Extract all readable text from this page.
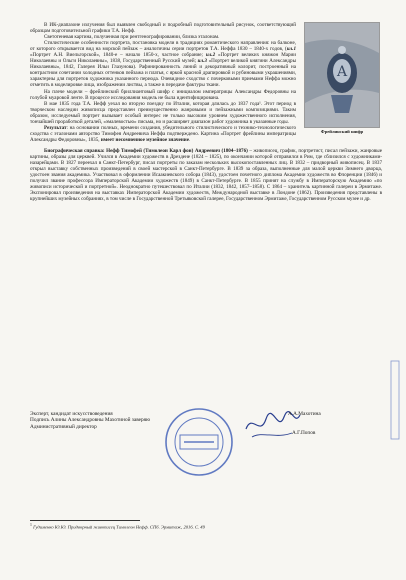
A
Фрейлинский шифр

В ИК-диапазоне излучения был выявлен свободный и подробный подготовительный рисунок, соответствующий образцам подготовительной графики Т.А. Нефф.

Светотеневая картина, полученная при рентгенографировании, близка эталонам.

Стилистические особенности портрета, постановка модели в традициях романтического направления: на балконе, от которого открывается вид на морской пейзаж – аналогичны серии портретов Т.А. Неффа 1830 – 1840-х годов, (ил.1 «Портрет А.Н. Виельгорской», 1840-е – начало 1850-х, частное собрание; ил.2 «Портрет великих княжон Марии Николаевны и Ольги Николаевны», 1838, Государственный Русский музей; ил.3 «Портрет великой княгини Александры Николаевны», 1842, Галерея Ильи Глазунова). Рафинированность линий и декоративный колорит, построенный на контрастном сочетании холодных оттенков пейзажа и платья, с яркой красной драпировкой и рубиновыми украшениями, характерны для портретов художника указанного периода. Очевидное сходство с почерковыми приемами Неффа можно отметить в моделировке лица, изображении листвы, а также в передаче фактуры ткани.

На плече модели – фрейлинский бриллиантовый шифр с инициалом императрицы Александры Федоровны на голубой муаровой ленте. В процессе исследования модель не была идентифицирована.

В мае 1835 года Т.А. Нефф уехал во вторую поездку по Италии, которая длилась до 1837 года¹. Этот период в творческом наследии живописца представлен преимущественно жанровыми и пейзажными композициями. Таким образом, исследуемый портрет вызывает особый интерес не только высоким уровнем художественного исполнения, тончайшей проработкой деталей, «эмалевостью» письма, но и расширяет диапазон работ художника в указанные годы.

Результат: на основании полных, времени создания, убедительного стилистического и технико-технологического сходства с эталонами авторство Тимофея Андреевича Неффа подтверждено. Картина «Портрет фрейлины императрицы Александры Федоровны», 1835, имеет несомненное музейное значение.

Биографическая справка: Нефф Тимофей (Тимолеон Карл фон) Андреевич (1804–1876) – живописец, график, портретист, писал пейзажи, жанровые картины, образы для церквей. Учился в Академии художеств в Дрездене (1824 – 1825), по окончании которой отправился в Рим, где сблизился с художниками-назарейцами. В 1827 переехал в Санкт-Петербург, писал портреты по заказам нескольких высокопоставленных лиц. В 1832 – придворный живописец. В 1837 открыл выставку собственных произведений в своей мастерской в Санкт-Петербурге. В 1839 за образа, выполненные для малой церкви Зимнего дворца, удостоен звания академика. Участвовал в оформлении Исаакиевского собора (1843), удостоен почетного диплома Академии художеств во Флоренции (1846) и получил звание профессора Императорской Академии художеств (1849) в Санкт-Петербурге. В 1855 принят на службу в Императорскую Академию «по живописи исторической и портретной». Неоднократно путешествовал по Италии (1832, 1842, 1857–1858). С 1864 – хранитель картинной галереи в Эрмитаже. Экспонировал произведения на выставках Императорской Академии художеств, Международной выставке в Лондоне (1862). Произведения представлены в крупнейших музейных собраниях, в том числе в Государственной Третьяковской галерее, Государственном Эрмитаже, Государственном Русском музее и др.

Эксперт, кандидат искусствоведения
Подпись Алины Александровны Махотиной заверяю
Административный директор
А.А.Махотина
А.Г.Попов
$^1$ Гудименко Ю.Ю. Придворный живописец Тимолеон Нефф. СПб. Эрмитаж, 2016. С. 49
